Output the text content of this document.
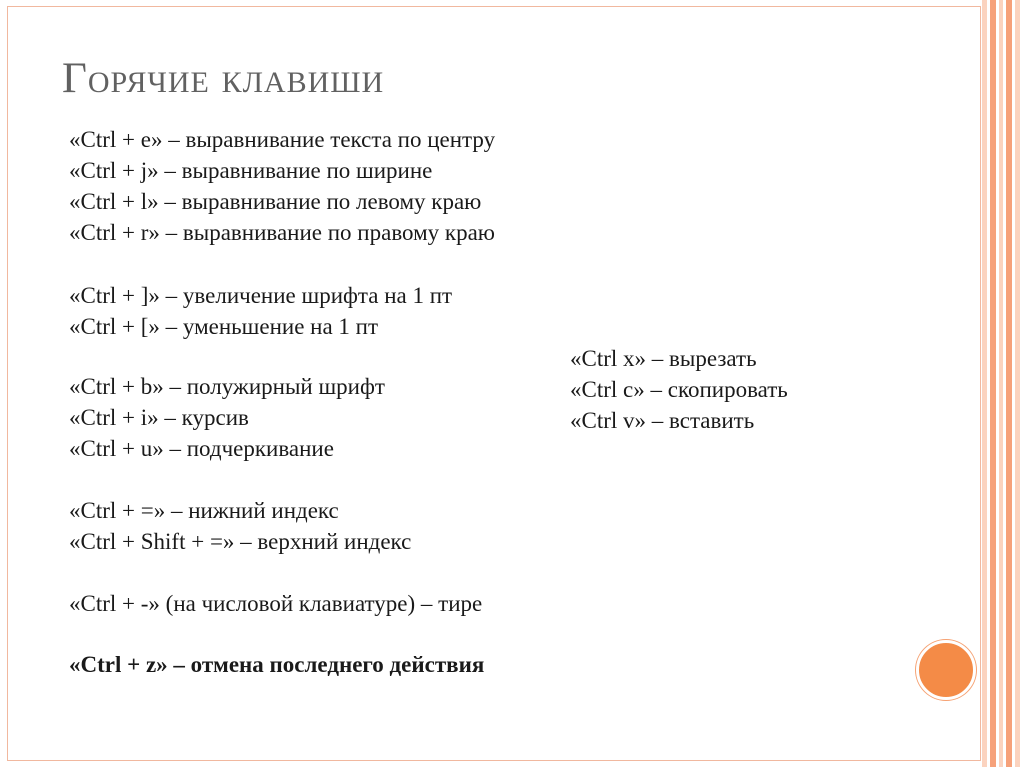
Горячие клавиши
«Ctrl + e» – выравнивание текста по центру
«Ctrl + j» – выравнивание по ширине
«Ctrl + l» – выравнивание по левому краю
«Ctrl + r» – выравнивание по правому краю
«Ctrl + ]» – увеличение шрифта на 1 пт
«Ctrl + [» – уменьшение на 1 пт
«Ctrl + b» – полужирный шрифт
«Ctrl + i» – курсив
«Ctrl + u» – подчеркивание
«Ctrl + =» – нижний индекс
«Ctrl + Shift + =» – верхний индекс
«Ctrl + -» (на числовой клавиатуре) – тире
«Ctrl + z» – отмена последнего действия
«Ctrl x» – вырезать
«Ctrl c» – скопировать
«Ctrl v» – вставить
